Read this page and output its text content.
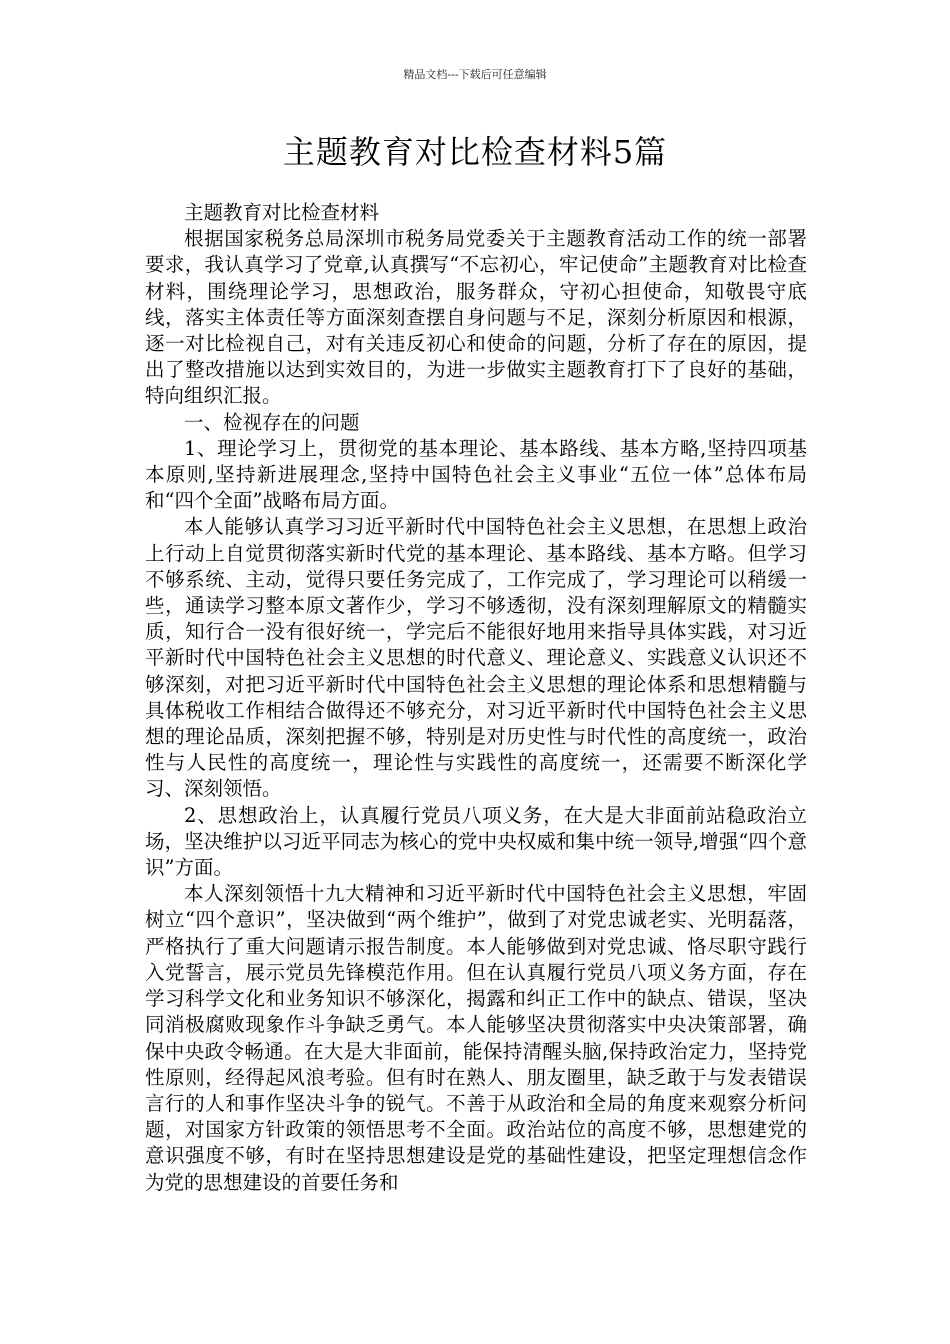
精品文档---下载后可任意编辑
主题教育对比检查材料5篇

主题教育对比检查材料

根据国家税务总局深圳市税务局党委关于主题教育活动工作的统一部署要求，我认真学习了党章,认真撰写“不忘初心，牢记使命”主题教育对比检查材料，围绕理论学习，思想政治，服务群众，守初心担使命，知敬畏守底线，落实主体责任等方面深刻查摆自身问题与不足，深刻分析原因和根源，逐一对比检视自己，对有关违反初心和使命的问题，分析了存在的原因，提出了整改措施以达到实效目的，为进一步做实主题教育打下了良好的基础，特向组织汇报。

一、检视存在的问题

1、理论学习上，贯彻党的基本理论、基本路线、基本方略,坚持四项基本原则,坚持新进展理念,坚持中国特色社会主义事业“五位一体”总体布局和“四个全面”战略布局方面。

本人能够认真学习习近平新时代中国特色社会主义思想，在思想上政治上行动上自觉贯彻落实新时代党的基本理论、基本路线、基本方略。但学习不够系统、主动，觉得只要任务完成了，工作完成了，学习理论可以稍缓一些，通读学习整本原文著作少，学习不够透彻，没有深刻理解原文的精髓实质，知行合一没有很好统一，学完后不能很好地用来指导具体实践，对习近平新时代中国特色社会主义思想的时代意义、理论意义、实践意义认识还不够深刻，对把习近平新时代中国特色社会主义思想的理论体系和思想精髓与具体税收工作相结合做得还不够充分，对习近平新时代中国特色社会主义思想的理论品质，深刻把握不够，特别是对历史性与时代性的高度统一，政治性与人民性的高度统一，理论性与实践性的高度统一，还需要不断深化学习、深刻领悟。

2、思想政治上，认真履行党员八项义务，在大是大非面前站稳政治立场，坚决维护以习近平同志为核心的党中央权威和集中统一领导,增强“四个意识”方面。

本人深刻领悟十九大精神和习近平新时代中国特色社会主义思想，牢固树立“四个意识”，坚决做到“两个维护”，做到了对党忠诚老实、光明磊落，严格执行了重大问题请示报告制度。本人能够做到对党忠诚、恪尽职守践行入党誓言，展示党员先锋模范作用。但在认真履行党员八项义务方面，存在学习科学文化和业务知识不够深化，揭露和纠正工作中的缺点、错误，坚决同消极腐败现象作斗争缺乏勇气。本人能够坚决贯彻落实中央决策部署，确保中央政令畅通。在大是大非面前，能保持清醒头脑,保持政治定力，坚持党性原则，经得起风浪考验。但有时在熟人、朋友圈里，缺乏敢于与发表错误言行的人和事作坚决斗争的锐气。不善于从政治和全局的角度来观察分析问题，对国家方针政策的领悟思考不全面。政治站位的高度不够，思想建党的意识强度不够，有时在坚持思想建设是党的基础性建设，把坚定理想信念作为党的思想建设的首要任务和
